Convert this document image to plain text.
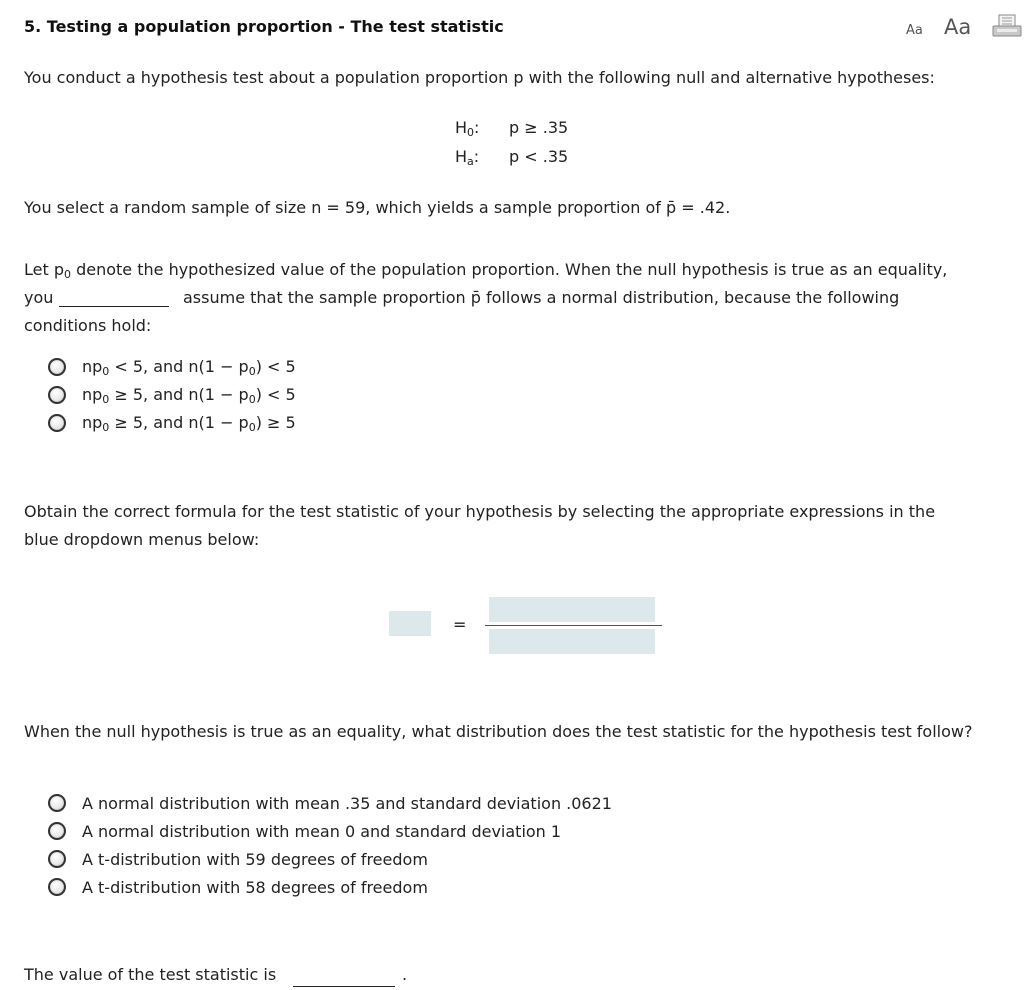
5. Testing a population proportion - The test statistic	Aa Aa
You conduct a hypothesis test about a population proportion p with the following null and alternative hypotheses:
$H_0$: p ≥ .35
$H_a$: p < .35
You select a random sample of size n = 59, which yields a sample proportion of p̄ = .42.
Let $p_0$ denote the hypothesized value of the population proportion. When the null hypothesis is true as an equality,
you	assume that the sample proportion p̄ follows a normal distribution, because the following
conditions hold:
$np_0 < 5$, and $n(1 - p_0) < 5$
$np_0 \ge 5$, and $n(1 - p_0) < 5$
$np_0 \ge 5$, and $n(1 - p_0) \ge 5$
Obtain the correct formula for the test statistic of your hypothesis by selecting the appropriate expressions in the
blue dropdown menus below:
=
When the null hypothesis is true as an equality, what distribution does the test statistic for the hypothesis test follow?
A normal distribution with mean .35 and standard deviation .0621
A normal distribution with mean 0 and standard deviation 1
A t-distribution with 59 degrees of freedom
A t-distribution with 58 degrees of freedom
The value of the test statistic is	.
